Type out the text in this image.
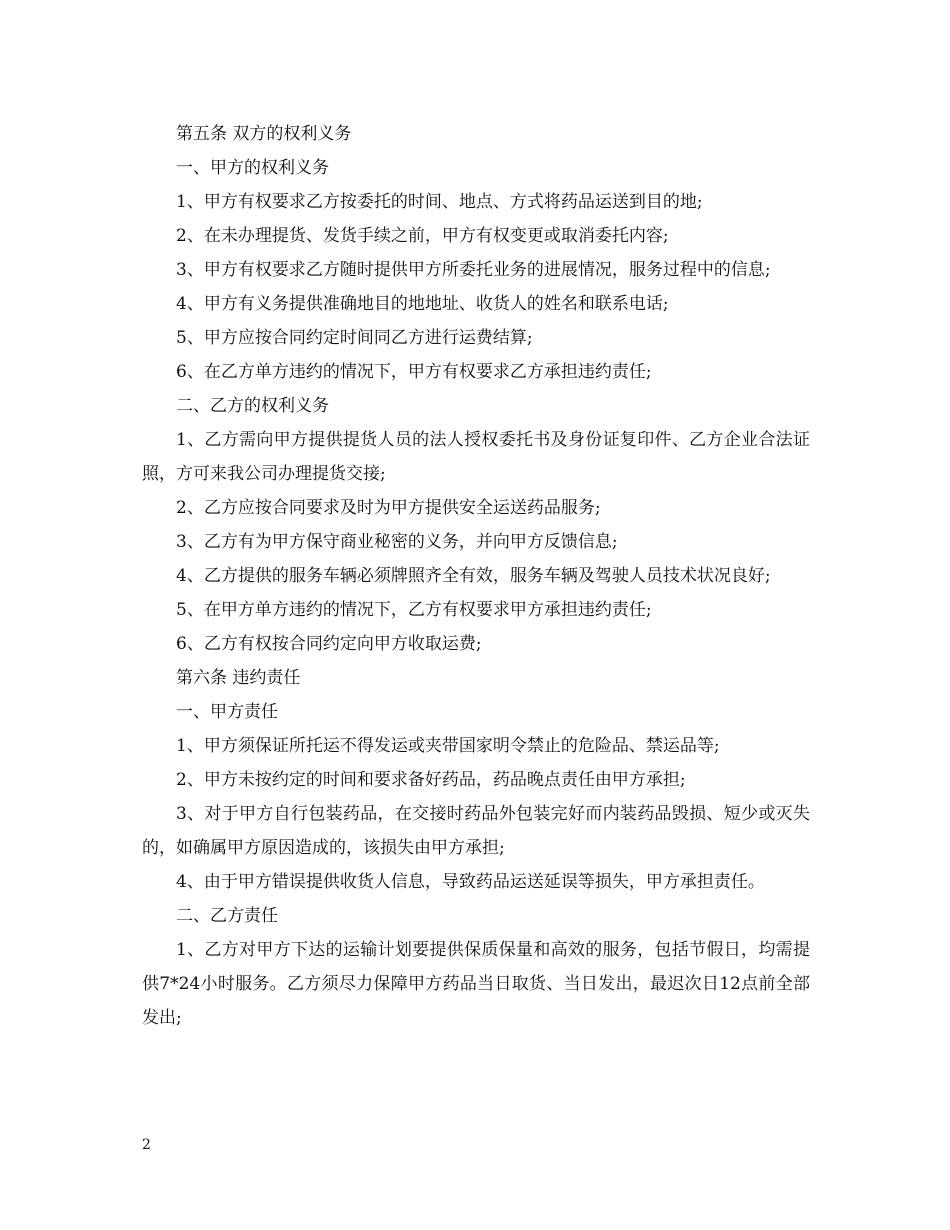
第五条 双方的权利义务

一、甲方的权利义务

1、甲方有权要求乙方按委托的时间、地点、方式将药品运送到目的地;

2、在未办理提货、发货手续之前，甲方有权变更或取消委托内容;

3、甲方有权要求乙方随时提供甲方所委托业务的进展情况，服务过程中的信息;

4、甲方有义务提供准确地目的地地址、收货人的姓名和联系电话;

5、甲方应按合同约定时间同乙方进行运费结算;

6、在乙方单方违约的情况下，甲方有权要求乙方承担违约责任;

二、乙方的权利义务

1、乙方需向甲方提供提货人员的法人授权委托书及身份证复印件、乙方企业合法证照，方可来我公司办理提货交接;

2、乙方应按合同要求及时为甲方提供安全运送药品服务;

3、乙方有为甲方保守商业秘密的义务，并向甲方反馈信息;

4、乙方提供的服务车辆必须牌照齐全有效，服务车辆及驾驶人员技术状况良好;

5、在甲方单方违约的情况下，乙方有权要求甲方承担违约责任;

6、乙方有权按合同约定向甲方收取运费;

第六条 违约责任

一、甲方责任

1、甲方须保证所托运不得发运或夹带国家明令禁止的危险品、禁运品等;

2、甲方未按约定的时间和要求备好药品，药品晚点责任由甲方承担;

3、对于甲方自行包装药品，在交接时药品外包装完好而内装药品毁损、短少或灭失的，如确属甲方原因造成的，该损失由甲方承担;

4、由于甲方错误提供收货人信息，导致药品运送延误等损失，甲方承担责任。

二、乙方责任

1、乙方对甲方下达的运输计划要提供保质保量和高效的服务，包括节假日，均需提供7*24小时服务。乙方须尽力保障甲方药品当日取货、当日发出，最迟次日12点前全部发出;

2
